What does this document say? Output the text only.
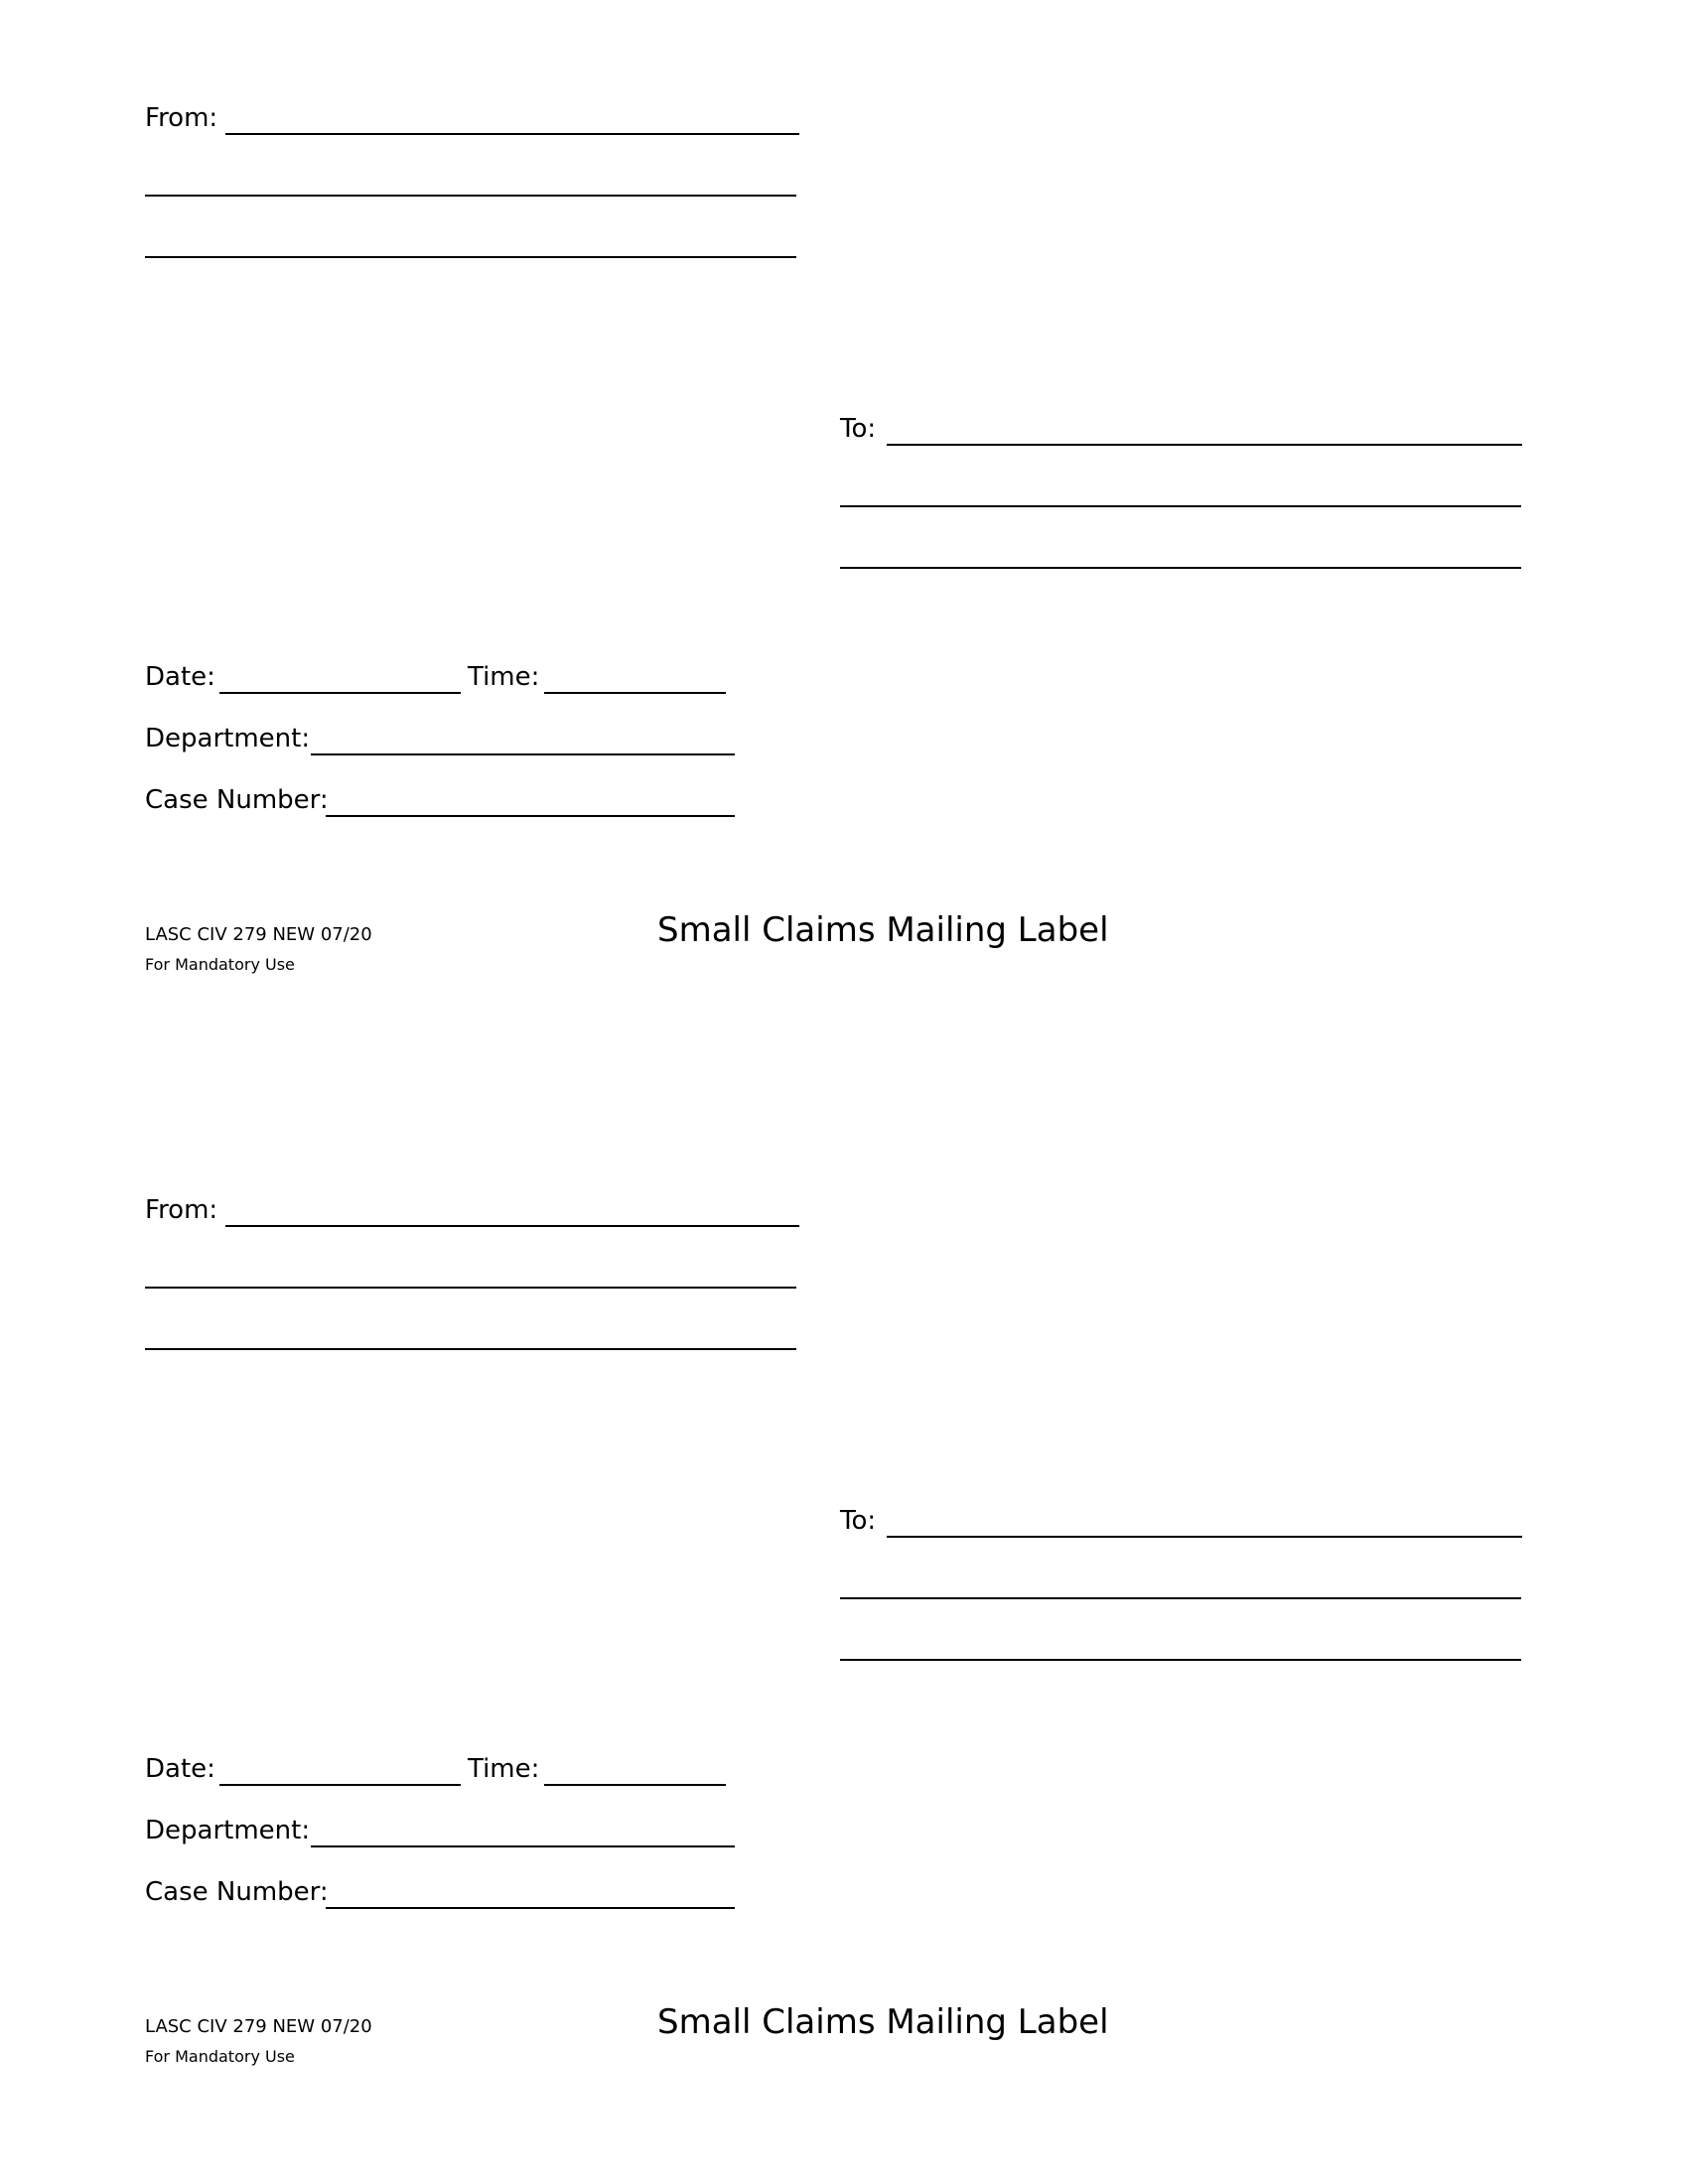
From:
To:
Date:	Time:
Department:
Case Number:
LASC CIV 279 NEW 07/20
For Mandatory Use
Small Claims Mailing Label
From:
To:
Date:	Time:
Department:
Case Number:
LASC CIV 279 NEW 07/20
For Mandatory Use
Small Claims Mailing Label
